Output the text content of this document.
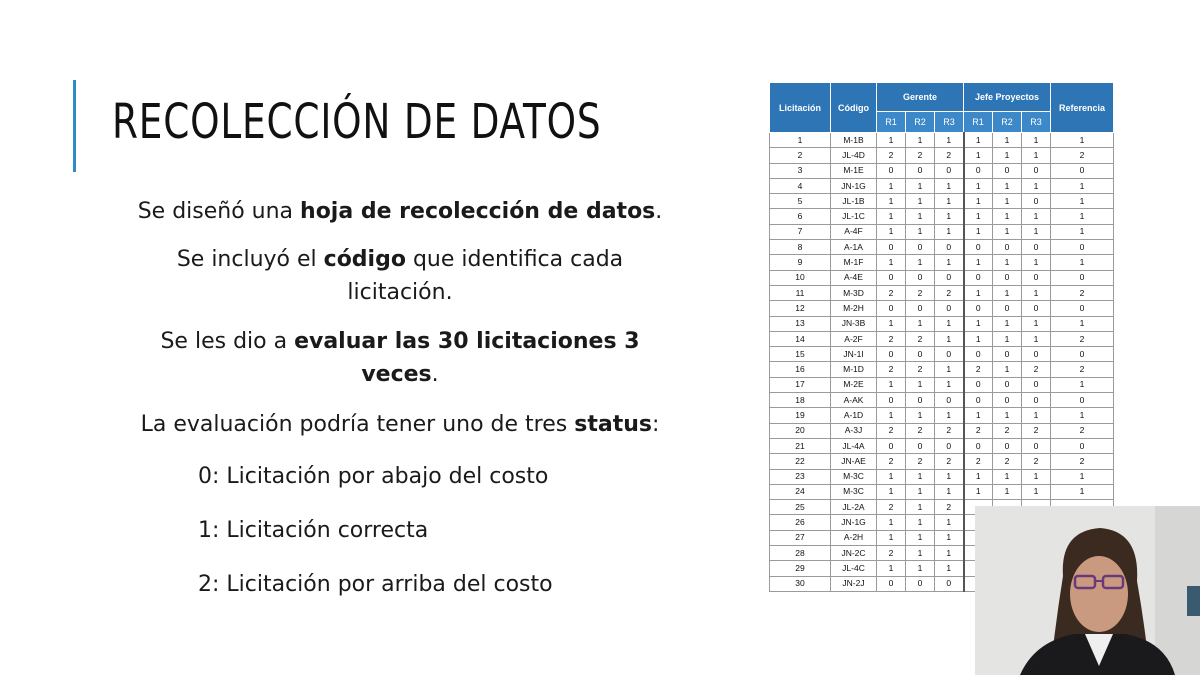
RECOLECCIÓN DE DATOS
Se diseñó una hoja de recolección de datos.
Se incluyó el código que identifica cada licitación.
Se les dio a evaluar las 30 licitaciones 3 veces.
La evaluación podría tener uno de tres status:
0: Licitación por abajo del costo
1: Licitación correcta
2: Licitación por arriba del costo
Licitación	Código	Gerente			Jefe Proyectos			Referencia
		R1	R2	R3	R1	R2	R3	
1	M-1B	1	1	1	1	1	1	1
2	JL-4D	2	2	2	1	1	1	2
3	M-1E	0	0	0	0	0	0	0
4	JN-1G	1	1	1	1	1	1	1
5	JL-1B	1	1	1	1	1	0	1
6	JL-1C	1	1	1	1	1	1	1
7	A-4F	1	1	1	1	1	1	1
8	A-1A	0	0	0	0	0	0	0
9	M-1F	1	1	1	1	1	1	1
10	A-4E	0	0	0	0	0	0	0
11	M-3D	2	2	2	1	1	1	2
12	M-2H	0	0	0	0	0	0	0
13	JN-3B	1	1	1	1	1	1	1
14	A-2F	2	2	1	1	1	1	2
15	JN-1I	0	0	0	0	0	0	0
16	M-1D	2	2	1	2	1	2	2
17	M-2E	1	1	1	0	0	0	1
18	A-AK	0	0	0	0	0	0	0
19	A-1D	1	1	1	1	1	1	1
20	A-3J	2	2	2	2	2	2	2
21	JL-4A	0	0	0	0	0	0	0
22	JN-AE	2	2	2	2	2	2	2
23	M-3C	1	1	1	1	1	1	1
24	M-3C	1	1	1	1	1	1	1
25	JL-2A	2	1	2				
26	JN-1G	1	1	1				
27	A-2H	1	1	1				
28	JN-2C	2	1	1				
29	JL-4C	1	1	1				
30	JN-2J	0	0	0				
